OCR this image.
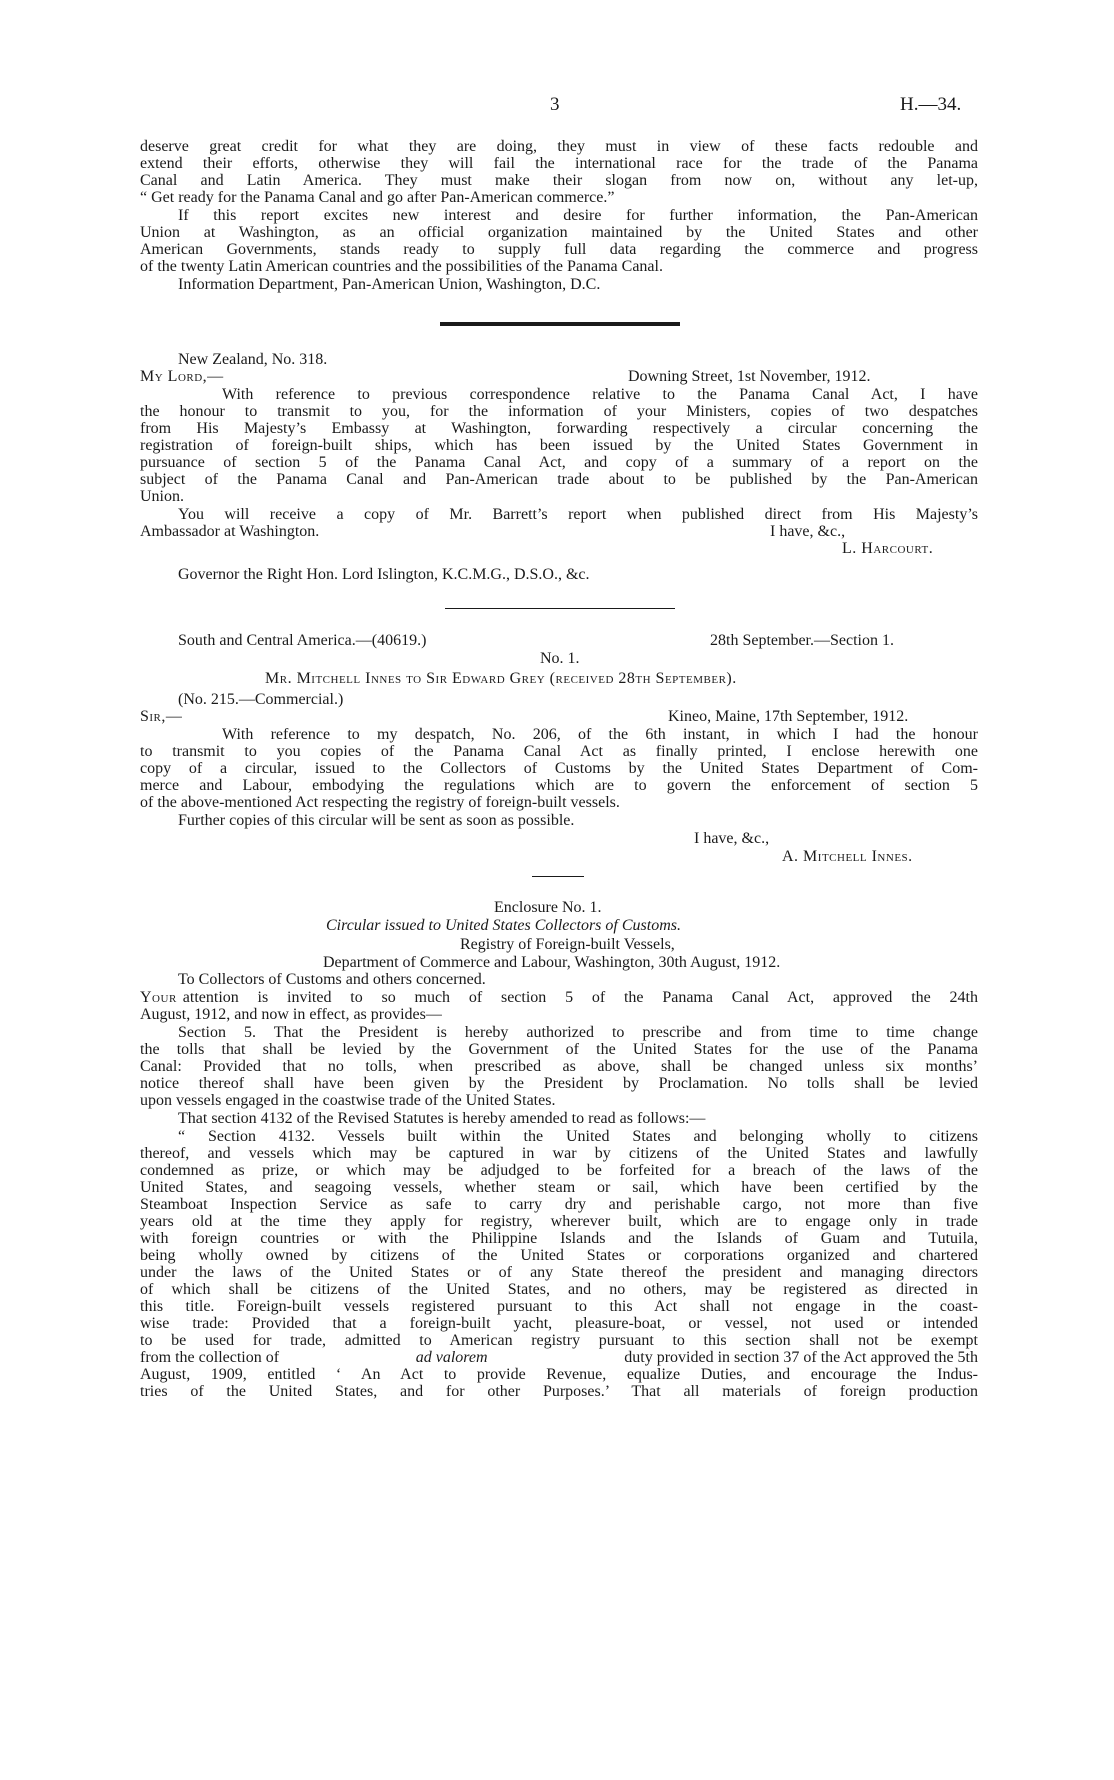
3	H.—34.
deserve great credit for what they are doing, they must in view of these facts redouble and
extend their efforts, otherwise they will fail the international race for the trade of the Panama
Canal and Latin America. They must make their slogan from now on, without any let-up,
“ Get ready for the Panama Canal and go after Pan-American commerce.”
If this report excites new interest and desire for further information, the Pan-American
Union at Washington, as an official organization maintained by the United States and other
American Governments, stands ready to supply full data regarding the commerce and progress
of the twenty Latin American countries and the possibilities of the Panama Canal.
Information Department, Pan-American Union, Washington, D.C.
New Zealand, No. 318.
My Lord,—	Downing Street, 1st November, 1912.
With reference to previous correspondence relative to the Panama Canal Act, I have
the honour to transmit to you, for the information of your Ministers, copies of two despatches
from His Majesty’s Embassy at Washington, forwarding respectively a circular concerning the
registration of foreign-built ships, which has been issued by the United States Government in
pursuance of section 5 of the Panama Canal Act, and copy of a summary of a report on the
subject of the Panama Canal and Pan-American trade about to be published by the Pan-American
Union.
You will receive a copy of Mr. Barrett’s report when published direct from His Majesty’s
Ambassador at Washington.	I have, &c.,
L. Harcourt.
Governor the Right Hon. Lord Islington, K.C.M.G., D.S.O., &c.
South and Central America.—(40619.)	28th September.—Section 1.
No. 1.
Mr. Mitchell Innes to Sir Edward Grey (received 28th September).
(No. 215.—Commercial.)
Sir,—	Kineo, Maine, 17th September, 1912.
With reference to my despatch, No. 206, of the 6th instant, in which I had the honour
to transmit to you copies of the Panama Canal Act as finally printed, I enclose herewith one
copy of a circular, issued to the Collectors of Customs by the United States Department of Com-
merce and Labour, embodying the regulations which are to govern the enforcement of section 5
of the above-mentioned Act respecting the registry of foreign-built vessels.
Further copies of this circular will be sent as soon as possible.
I have, &c.,
A. Mitchell Innes.
Enclosure No. 1.
Circular issued to United States Collectors of Customs.
Registry of Foreign-built Vessels,
Department of Commerce and Labour, Washington, 30th August, 1912.
To Collectors of Customs and others concerned.
Your attention is invited to so much of section 5 of the Panama Canal Act, approved the 24th
August, 1912, and now in effect, as provides—
Section 5. That the President is hereby authorized to prescribe and from time to time change
the tolls that shall be levied by the Government of the United States for the use of the Panama
Canal: Provided that no tolls, when prescribed as above, shall be changed unless six months’
notice thereof shall have been given by the President by Proclamation. No tolls shall be levied
upon vessels engaged in the coastwise trade of the United States.
That section 4132 of the Revised Statutes is hereby amended to read as follows:—
“ Section 4132. Vessels built within the United States and belonging wholly to citizens
thereof, and vessels which may be captured in war by citizens of the United States and lawfully
condemned as prize, or which may be adjudged to be forfeited for a breach of the laws of the
United States, and seagoing vessels, whether steam or sail, which have been certified by the
Steamboat Inspection Service as safe to carry dry and perishable cargo, not more than five
years old at the time they apply for registry, wherever built, which are to engage only in trade
with foreign countries or with the Philippine Islands and the Islands of Guam and Tutuila,
being wholly owned by citizens of the United States or corporations organized and chartered
under the laws of the United States or of any State thereof the president and managing directors
of which shall be citizens of the United States, and no others, may be registered as directed in
this title. Foreign-built vessels registered pursuant to this Act shall not engage in the coast-
wise trade: Provided that a foreign-built yacht, pleasure-boat, or vessel, not used or intended
to be used for trade, admitted to American registry pursuant to this section shall not be exempt
from the collection of	ad valorem	duty provided in section 37 of the Act approved the 5th
August, 1909, entitled ‘ An Act to provide Revenue, equalize Duties, and encourage the Indus-
tries of the United States, and for other Purposes.’ That all materials of foreign production
